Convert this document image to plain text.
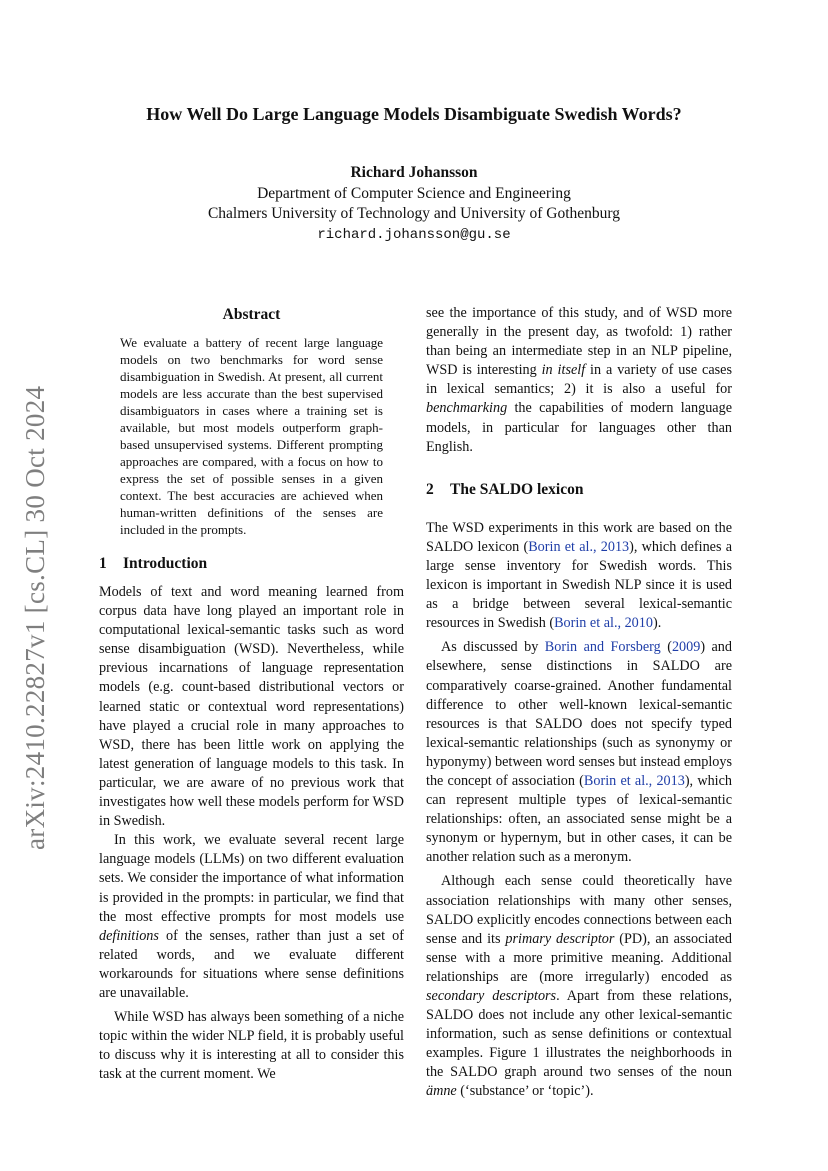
arXiv:2410.22827v1 [cs.CL] 30 Oct 2024
How Well Do Large Language Models Disambiguate Swedish Words?
Richard Johansson
Department of Computer Science and Engineering
Chalmers University of Technology and University of Gothenburg
richard.johansson@gu.se
Abstract

We evaluate a battery of recent large language models on two benchmarks for word sense disambiguation in Swedish. At present, all current models are less accurate than the best supervised disambiguators in cases where a training set is available, but most models outperform graph-based unsupervised systems. Different prompting approaches are compared, with a focus on how to express the set of possible senses in a given context. The best accuracies are achieved when human-written definitions of the senses are included in the prompts.

1 Introduction

Models of text and word meaning learned from corpus data have long played an important role in computational lexical-semantic tasks such as word sense disambiguation (WSD). Nevertheless, while previous incarnations of language representation models (e.g. count-based distributional vectors or learned static or contextual word representations) have played a crucial role in many approaches to WSD, there has been little work on applying the latest generation of language models to this task. In particular, we are aware of no previous work that investigates how well these models perform for WSD in Swedish.

In this work, we evaluate several recent large language models (LLMs) on two different evaluation sets. We consider the importance of what information is provided in the prompts: in particular, we find that the most effective prompts for most models use definitions of the senses, rather than just a set of related words, and we evaluate different workarounds for situations where sense definitions are unavailable.

While WSD has always been something of a niche topic within the wider NLP field, it is probably useful to discuss why it is interesting at all to consider this task at the current moment. We

see the importance of this study, and of WSD more generally in the present day, as twofold: 1) rather than being an intermediate step in an NLP pipeline, WSD is interesting in itself in a variety of use cases in lexical semantics; 2) it is also a useful for benchmarking the capabilities of modern language models, in particular for languages other than English.

2 The SALDO lexicon

The WSD experiments in this work are based on the SALDO lexicon (Borin et al., 2013), which defines a large sense inventory for Swedish words. This lexicon is important in Swedish NLP since it is used as a bridge between several lexical-semantic resources in Swedish (Borin et al., 2010).

As discussed by Borin and Forsberg (2009) and elsewhere, sense distinctions in SALDO are comparatively coarse-grained. Another fundamental difference to other well-known lexical-semantic resources is that SALDO does not specify typed lexical-semantic relationships (such as synonymy or hyponymy) between word senses but instead employs the concept of association (Borin et al., 2013), which can represent multiple types of lexical-semantic relationships: often, an associated sense might be a synonym or hypernym, but in other cases, it can be another relation such as a meronym.

Although each sense could theoretically have association relationships with many other senses, SALDO explicitly encodes connections between each sense and its primary descriptor (PD), an associated sense with a more primitive meaning. Additional relationships are (more irregularly) encoded as secondary descriptors. Apart from these relations, SALDO does not include any other lexical-semantic information, such as sense definitions or contextual examples. Figure 1 illustrates the neighborhoods in the SALDO graph around two senses of the noun ämne (‘substance’ or ‘topic’).
